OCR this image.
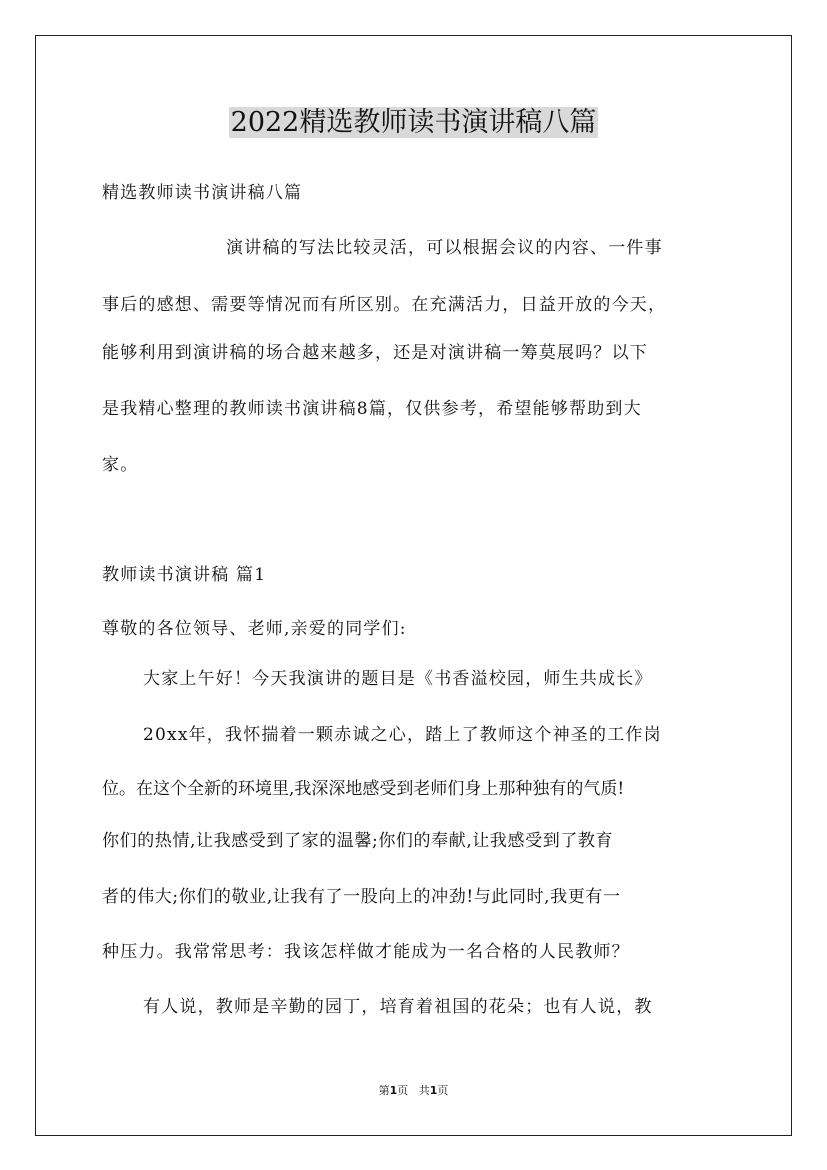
2022精选教师读书演讲稿八篇
精选教师读书演讲稿八篇
演讲稿的写法比较灵活，可以根据会议的内容、一件事
事后的感想、需要等情况而有所区别。在充满活力，日益开放的今天，
能够利用到演讲稿的场合越来越多，还是对演讲稿一筹莫展吗？以下
是我精心整理的教师读书演讲稿8篇，仅供参考，希望能够帮助到大
家。
教师读书演讲稿 篇1
尊敬的各位领导、老师,亲爱的同学们:
大家上午好！今天我演讲的题目是《书香溢校园，师生共成长》
20xx年，我怀揣着一颗赤诚之心，踏上了教师这个神圣的工作岗
位。在这个全新的环境里,我深深地感受到老师们身上那种独有的气质!
你们的热情,让我感受到了家的温馨;你们的奉献,让我感受到了教育
者的伟大;你们的敬业,让我有了一股向上的冲劲!与此同时,我更有一
种压力。我常常思考：我该怎样做才能成为一名合格的人民教师？
有人说，教师是辛勤的园丁，培育着祖国的花朵；也有人说，教
第1页 共1页
